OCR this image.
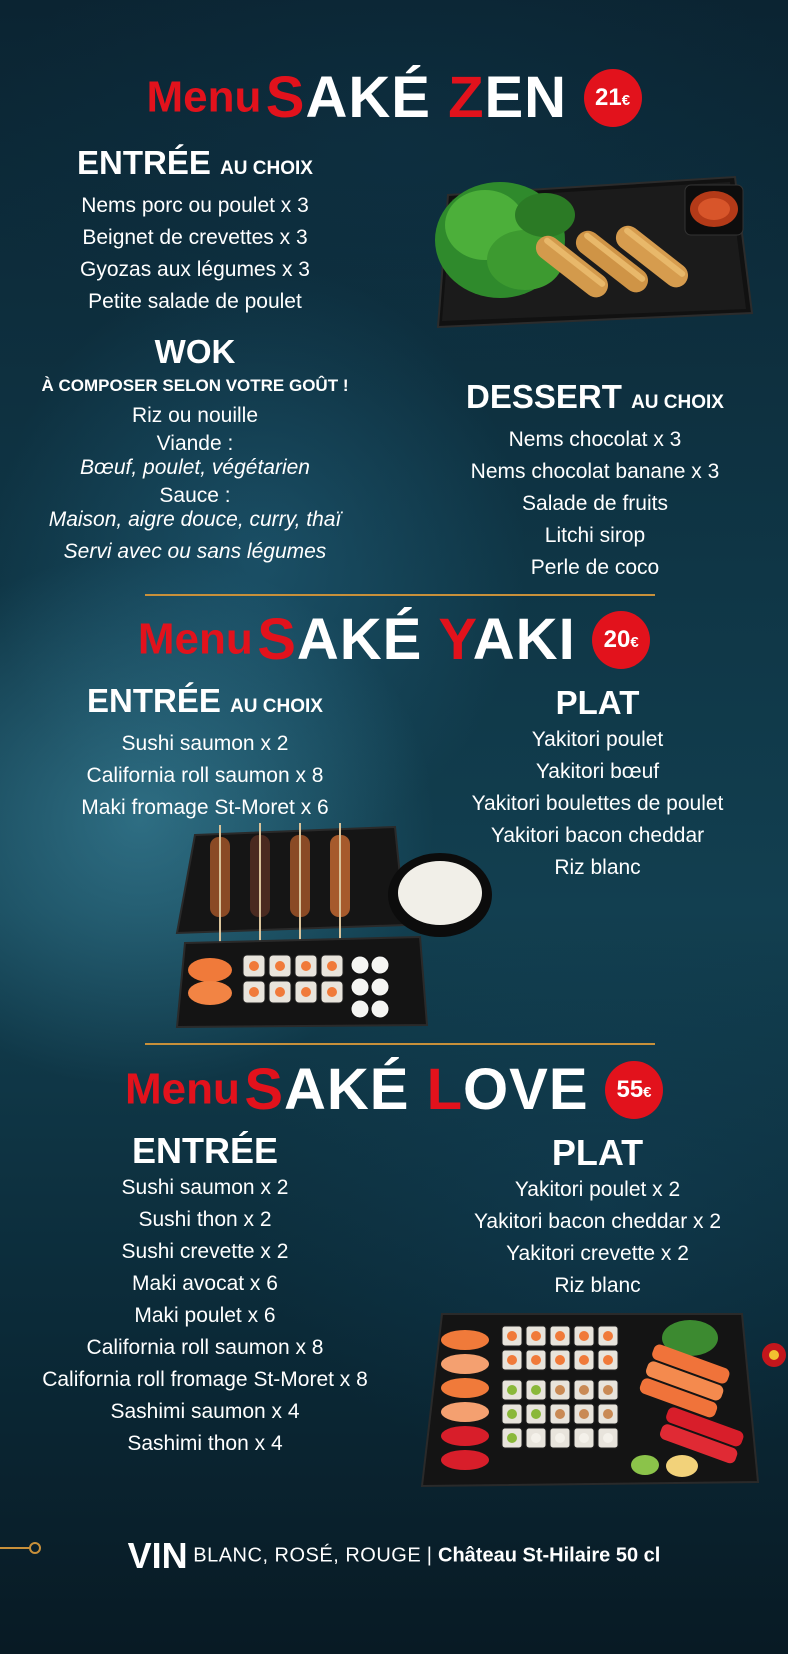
Menu SAKÉ ZEN 21€
ENTRÉE AU CHOIX
Nems porc ou poulet x 3
Beignet de crevettes x 3
Gyozas aux légumes x 3
Petite salade de poulet
WOK
À COMPOSER SELON VOTRE GOÛT !
Riz ou nouille
Viande :
Bœuf, poulet, végétarien
Sauce :
Maison, aigre douce, curry, thaï
Servi avec ou sans légumes
DESSERT AU CHOIX
Nems chocolat x 3
Nems chocolat banane x 3
Salade de fruits
Litchi sirop
Perle de coco
Menu SAKÉ YAKI 20€
ENTRÉE AU CHOIX
Sushi saumon x 2
California roll saumon x 8
Maki fromage St-Moret x 6
PLAT
Yakitori poulet
Yakitori bœuf
Yakitori boulettes de poulet
Yakitori bacon cheddar
Riz blanc
Menu SAKÉ LOVE 55€
ENTRÉE
Sushi saumon x 2
Sushi thon x 2
Sushi crevette x 2
Maki avocat x 6
Maki poulet x 6
California roll saumon x 8
California roll fromage St-Moret x 8
Sashimi saumon x 4
Sashimi thon x 4
PLAT
Yakitori poulet x 2
Yakitori bacon cheddar x 2
Yakitori crevette x 2
Riz blanc
VIN BLANC, ROSÉ, ROUGE | Château St-Hilaire 50 cl
